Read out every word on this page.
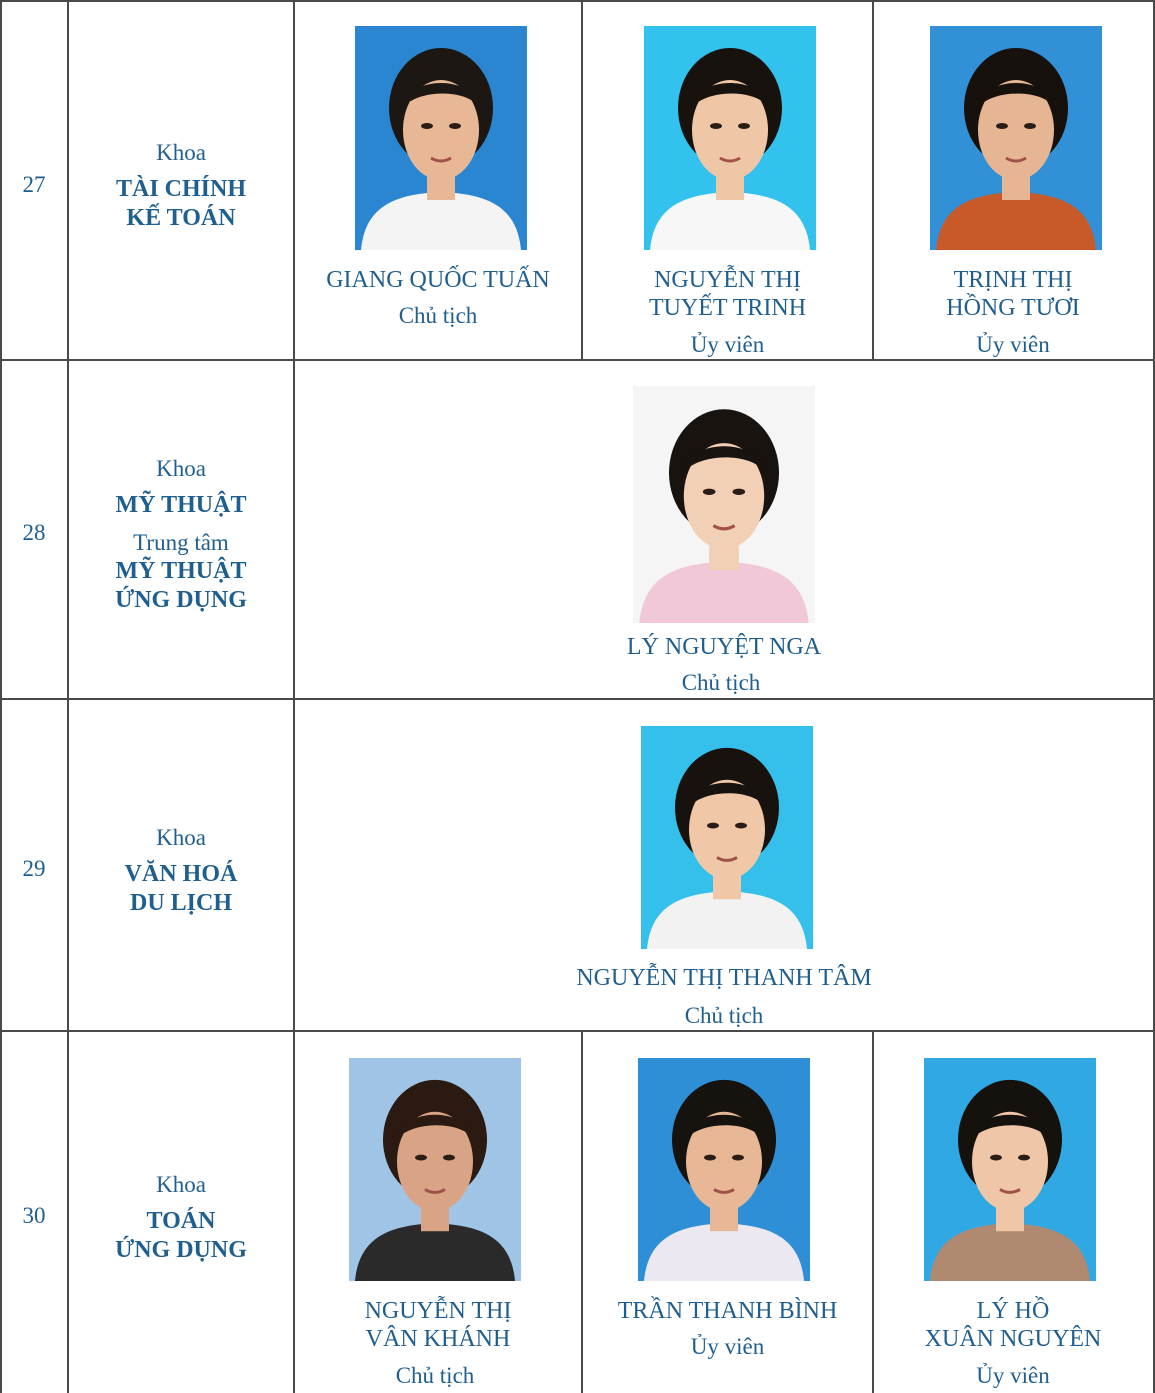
27
Khoa
TÀI CHÍNH
KẾ TOÁN
GIANG QUỐC TUẤN
Chủ tịch
NGUYỄN THỊ
TUYẾT TRINH
Ủy viên
TRỊNH THỊ
HỒNG TƯƠI
Ủy viên
28
Khoa
MỸ THUẬT
Trung tâm
MỸ THUẬT
ỨNG DỤNG
LÝ NGUYỆT NGA
Chủ tịch
29
Khoa
VĂN HOÁ
DU LỊCH
NGUYỄN THỊ THANH TÂM
Chủ tịch
30
Khoa
TOÁN
ỨNG DỤNG
NGUYỄN THỊ
VÂN KHÁNH
Chủ tịch
TRẦN THANH BÌNH
Ủy viên
LÝ HỒ
XUÂN NGUYÊN
Ủy viên
